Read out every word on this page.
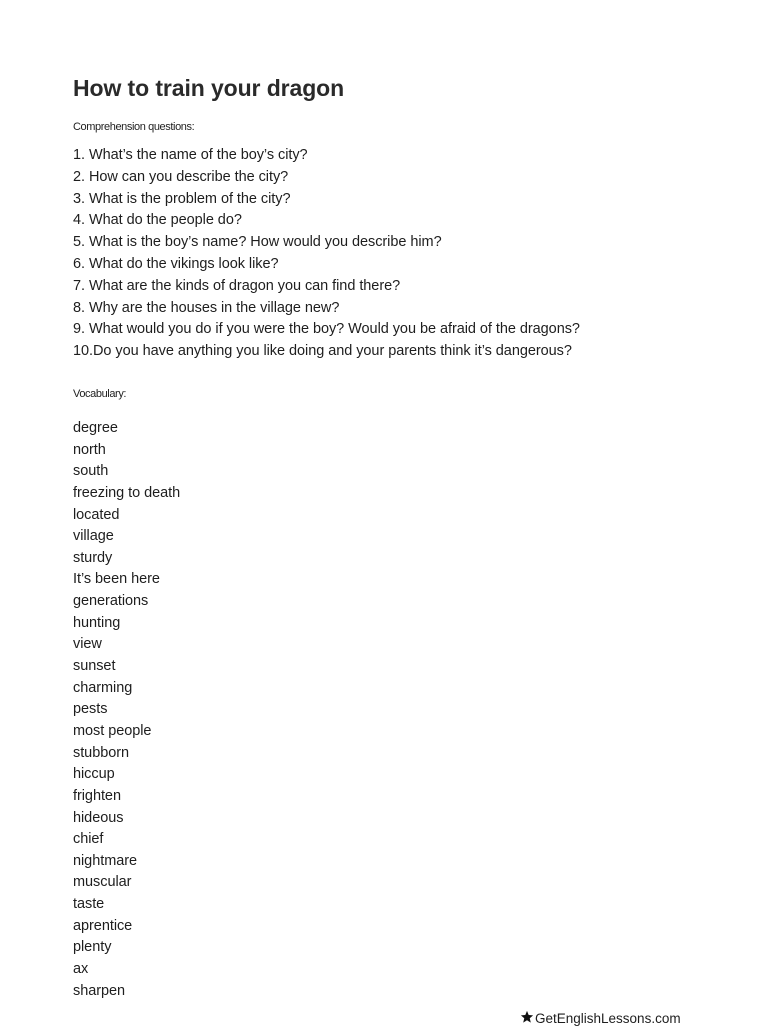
How to train your dragon
Comprehension questions:
1. What’s the name of the boy’s city?
2. How can you describe the city?
3. What is the problem of the city?
4. What do the people do?
5. What is the boy’s name? How would you describe him?
6. What do the vikings look like?
7. What are the kinds of dragon you can find there?
8. Why are the houses in the village new?
9. What would you do if you were the boy? Would you be afraid of the dragons?
10.Do you have anything you like doing and your parents think it’s dangerous?
Vocabulary:
degree
north
south
freezing to death
located
village
sturdy
It’s been here
generations
hunting
view
sunset
charming
pests
most people
stubborn
hiccup
frighten
hideous
chief
nightmare
muscular
taste
aprentice
plenty
ax
sharpen
GetEnglishLessons.com
